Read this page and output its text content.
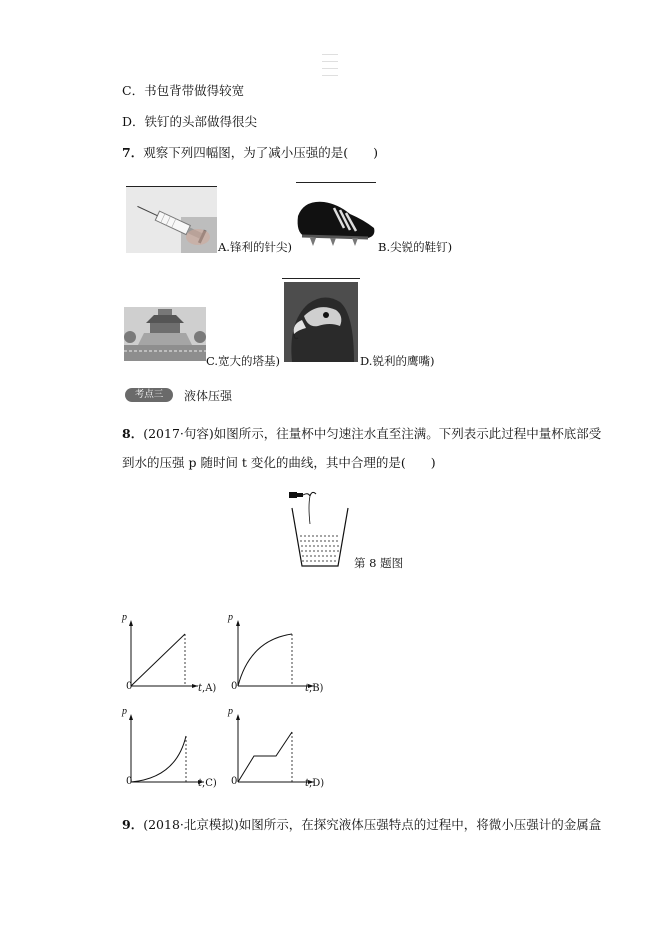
C．书包背带做得较宽
D．铁钉的头部做得很尖
7．观察下列四幅图，为了减小压强的是(　　)
A.锋利的针尖)	B.尖锐的鞋钉)
C.宽大的塔基)	D.锐利的鹰嘴)
考点三	液体压强
8．(2017·句容)如图所示，往量杯中匀速注水直至注满。下列表示此过程中量杯底部受
到水的压强 p 随时间 t 变化的曲线，其中合理的是(　　)
第 8 题图
p
0	t,A)
p
0	t,B)
p
0	t,C)
p
0	t,D)
9．(2018·北京模拟)如图所示，在探究液体压强特点的过程中，将微小压强计的金属盒
